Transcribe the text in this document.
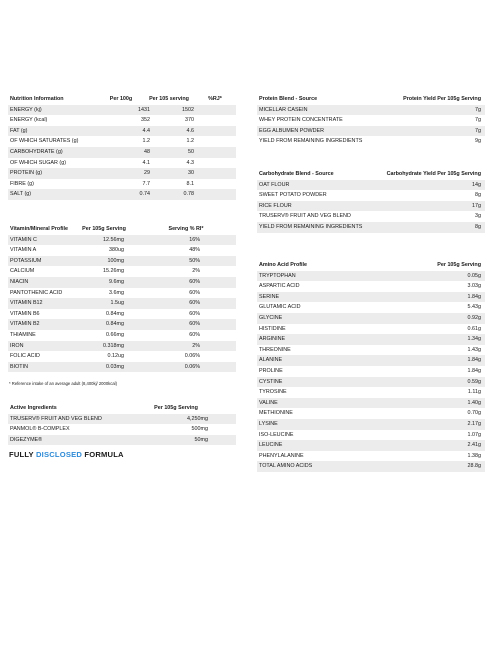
Nutrition Information	Per 100g	Per 105 serving	%RJ*
ENERGY (kj)	1431	1502
ENERGY (kcal)	352	370
FAT (g)	4.4	4.6
OF WHICH SATURATES (g)	1.2	1.2
CARBOHYDRATE (g)	48	50
OF WHICH SUGAR (g)	4.1	4.3
PROTEIN (g)	29	30
FIBRE (g)	7.7	8.1
SALT (g)	0.74	0.78
Vitamin/Mineral Profile	Per 105g Serving	Serving % RI*
VITAMIN C	12.56mg	16%
VITAMIN A	380ug	48%
POTASSIUM	100mg	50%
CALCIUM	15.26mg	2%
NIACIN	9.6mg	60%
PANTOTHENIC ACID	3.6mg	60%
VITAMIN B12	1.5ug	60%
VITAMIN B6	0.84mg	60%
VITAMIN B2	0.84mg	60%
THIAMINE	0.66mg	60%
IRON	0.318mg	2%
FOLIC ACID	0.12ug	0.06%
BIOTIN	0.03mg	0.06%
* Reference intake of an average adult (8,400kj/ 2000kcal)
Active Ingredients	Per 105g Serving
TRUSERV® FRUIT AND VEG BLEND	4,250mg
PANMOL® B-COMPLEX	500mg
DIGEZYME®	50mg
FULLY DISCLOSED FORMULA
Protein Blend - Source	Protein Yield Per 105g Serving
MICELLAR CASEIN	7g
WHEY PROTEIN CONCENTRATE	7g
EGG ALBUMEN POWDER	7g
YIELD FROM REMAINING INGREDIENTS	9g
Carbohydrate Blend - Source	Carbohydrate Yield Per 105g Serving
OAT FLOUR	14g
SWEET POTATO POWDER	8g
RICE FLOUR	17g
TRUSERV® FRUIT AND VEG BLEND	3g
YIELD FROM REMAINING INGREDIENTS	8g
Amino Acid Profile	Per 105g Serving
TRYPTOPHAN	0.05g
ASPARTIC ACID	3.03g
SERINE	1.84g
GLUTAMIC ACID	5.43g
GLYCINE	0.92g
HISTIDINE	0.61g
ARGININE	1.34g
THREONINE	1.43g
ALANINE	1.84g
PROLINE	1.84g
CYSTINE	0.59g
TYROSINE	1.11g
VALINE	1.40g
METHIONINE	0.70g
LYSINE	2.17g
ISO-LEUCINE	1.07g
LEUCINE	2.41g
PHENYLALANINE	1.38g
TOTAL AMINO ACIDS	28.8g
